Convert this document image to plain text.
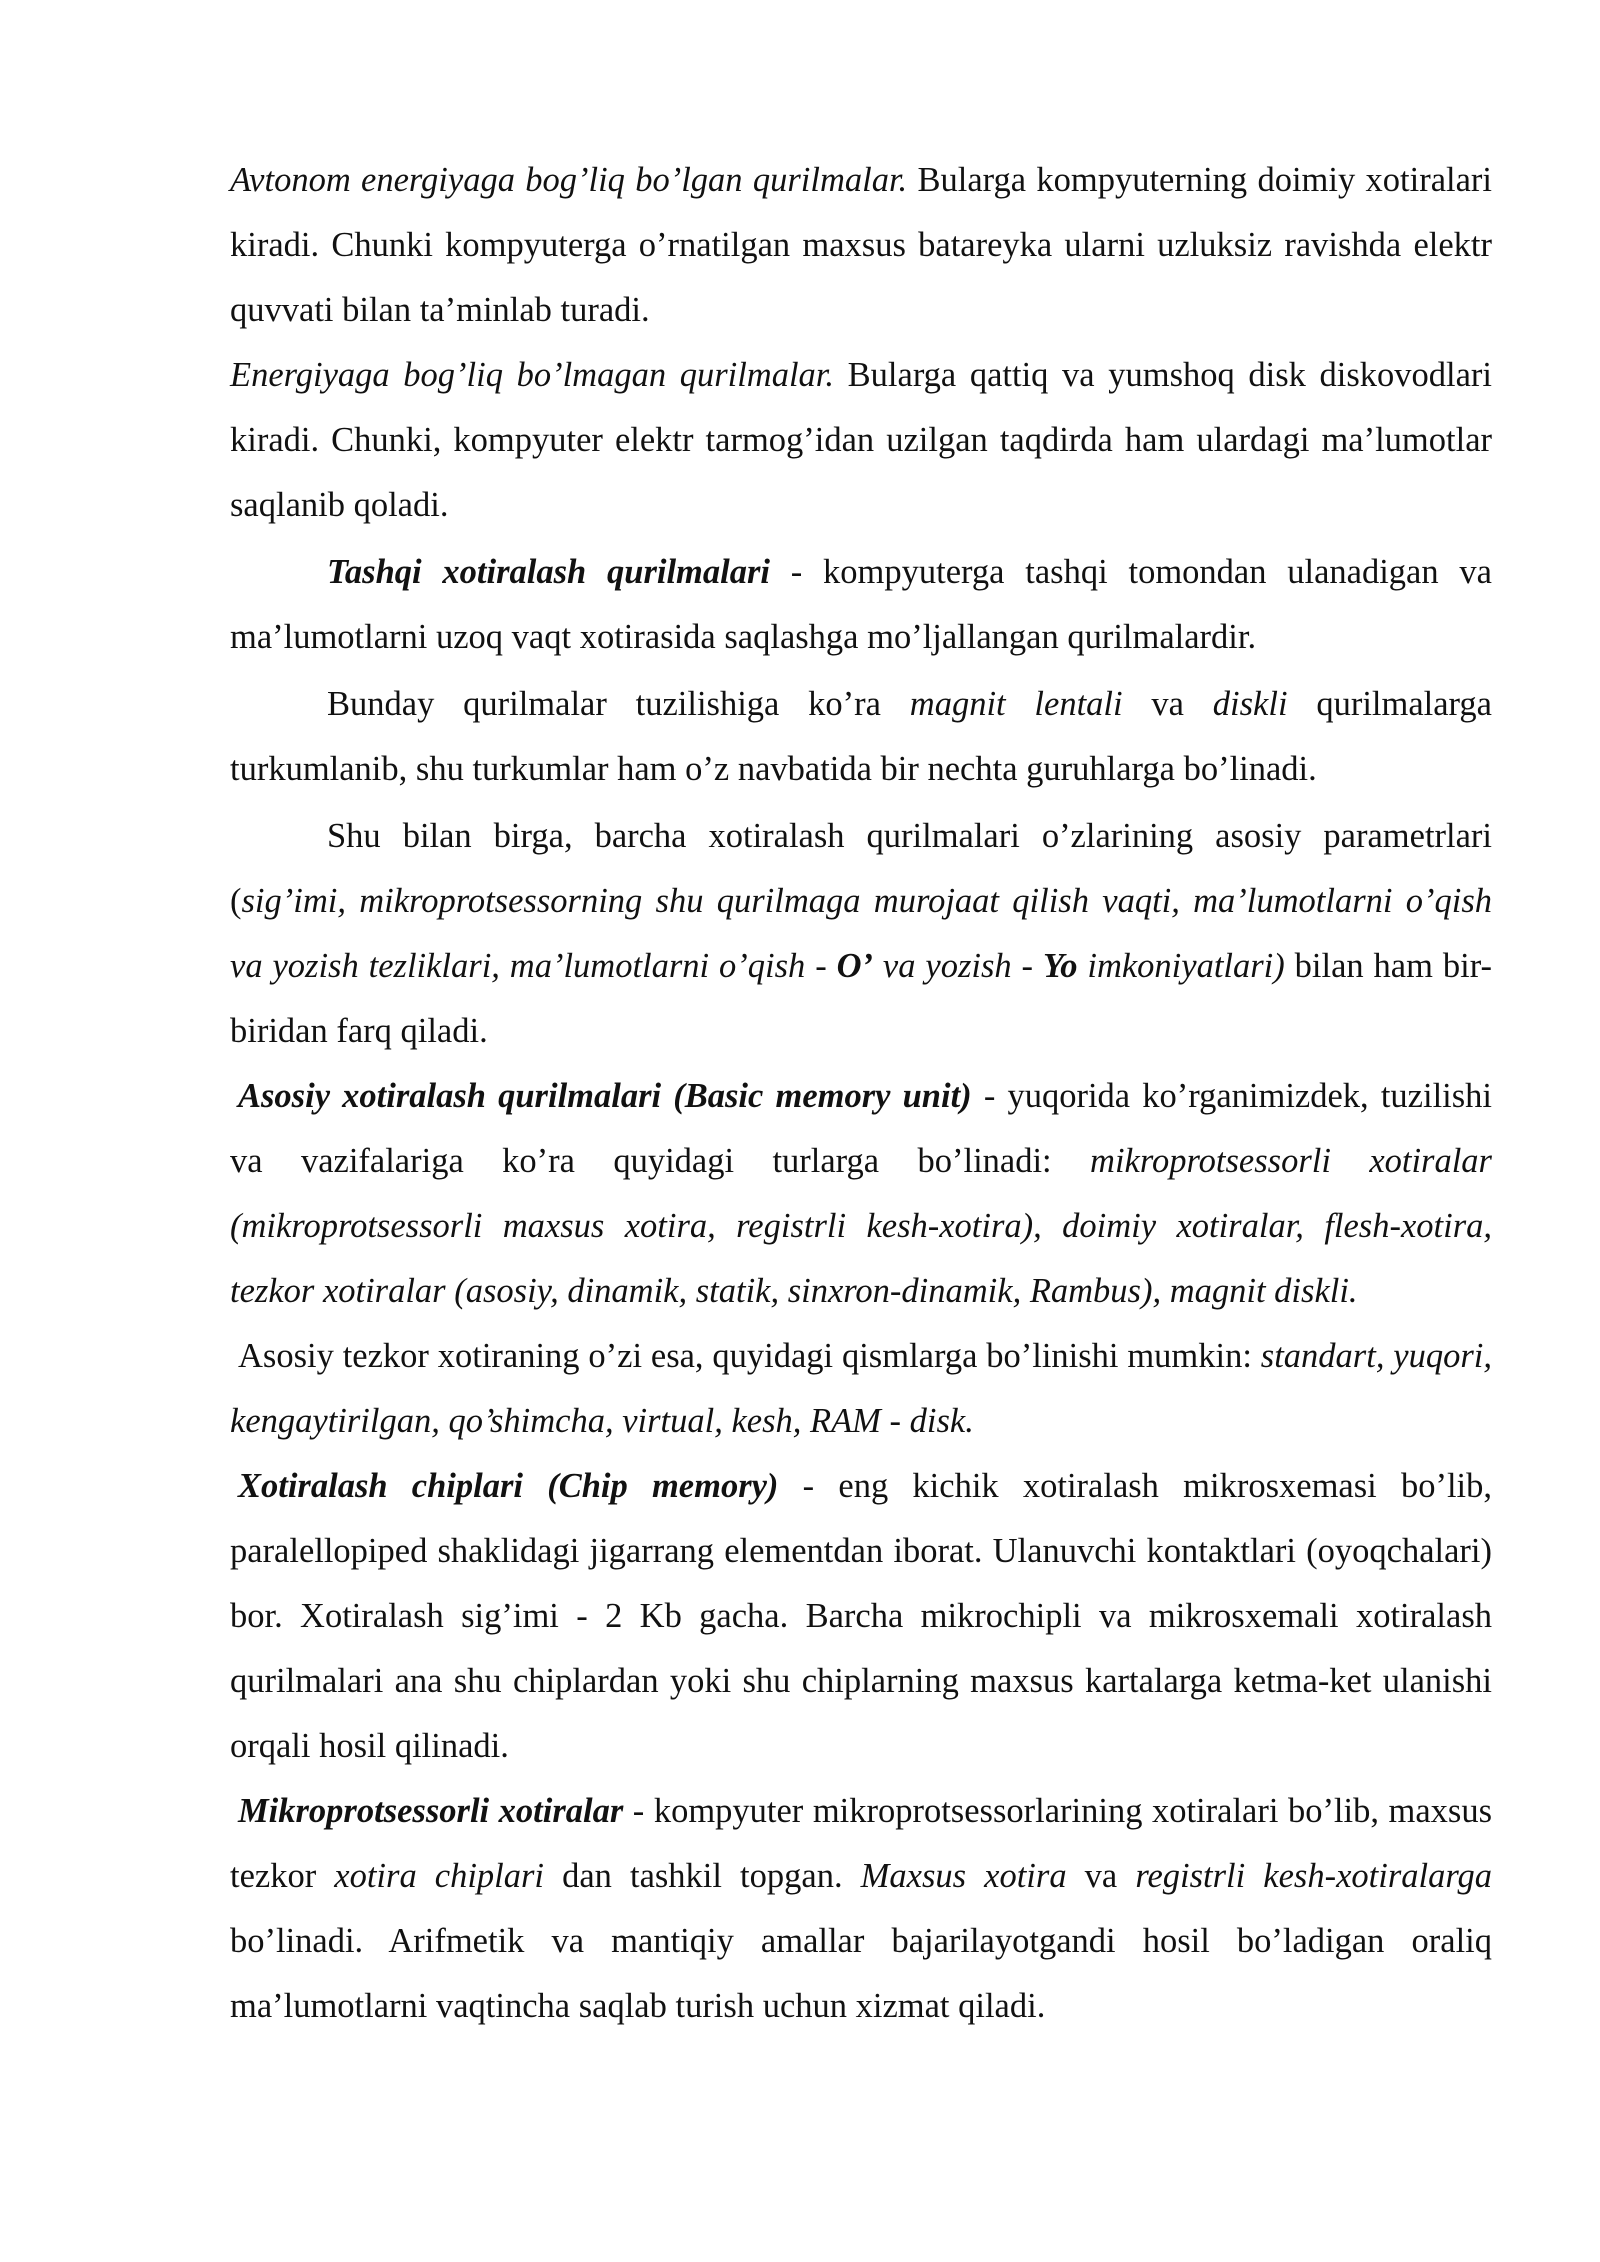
Avtonom energiyaga bog’liq bo’lgan qurilmalar. Bularga kompyuterning doimiy xotiralari kiradi. Chunki kompyuterga o’rnatilgan maxsus batareyka ularni uzluksiz ravishda elektr quvvati bilan ta’minlab turadi.

Energiyaga bog’liq bo’lmagan qurilmalar. Bularga qattiq va yumshoq disk diskovodlari kiradi. Chunki, kompyuter elektr tarmog’idan uzilgan taqdirda ham ulardagi ma’lumotlar saqlanib qoladi.

Tashqi xotiralash qurilmalari - kompyuterga tashqi tomondan ulanadigan va ma’lumotlarni uzoq vaqt xotirasida saqlashga mo’ljallangan qurilmalardir.

Bunday qurilmalar tuzilishiga ko’ra magnit lentali va diskli qurilmalarga turkumlanib, shu turkumlar ham o’z navbatida bir nechta guruhlarga bo’linadi.

Shu bilan birga, barcha xotiralash qurilmalari o’zlarining asosiy parametrlari (sig’imi, mikroprotsessorning shu qurilmaga murojaat qilish vaqti, ma’lumotlarni o’qish va yozish tezliklari, ma’lumotlarni o’qish - O’ va yozish - Yo imkoniyatlari) bilan ham bir-biridan farq qiladi.

Asosiy xotiralash qurilmalari (Basic memory unit) - yuqorida ko’rganimizdek, tuzilishi va vazifalariga ko’ra quyidagi turlarga bo’linadi: mikroprotsessorli xotiralar (mikroprotsessorli maxsus xotira, registrli kesh-xotira), doimiy xotiralar, flesh-xotira, tezkor xotiralar (asosiy, dinamik, statik, sinxron-dinamik, Rambus), magnit diskli.

Asosiy tezkor xotiraning o’zi esa, quyidagi qismlarga bo’linishi mumkin: standart, yuqori, kengaytirilgan, qo’shimcha, virtual, kesh, RAM - disk.

Xotiralash chiplari (Chip memory) - eng kichik xotiralash mikrosxemasi bo’lib, paralellopiped shaklidagi jigarrang elementdan iborat. Ulanuvchi kontaktlari (oyoqchalari) bor. Xotiralash sig’imi - 2 Kb gacha. Barcha mikrochipli va mikrosxemali xotiralash qurilmalari ana shu chiplardan yoki shu chiplarning maxsus kartalarga ketma-ket ulanishi orqali hosil qilinadi.

Mikroprotsessorli xotiralar - kompyuter mikroprotsessorlarining xotiralari bo’lib, maxsus tezkor xotira chiplari dan tashkil topgan. Maxsus xotira va registrli kesh-xotiralarga bo’linadi. Arifmetik va mantiqiy amallar bajarilayotgandi hosil bo’ladigan oraliq ma’lumotlarni vaqtincha saqlab turish uchun xizmat qiladi.
